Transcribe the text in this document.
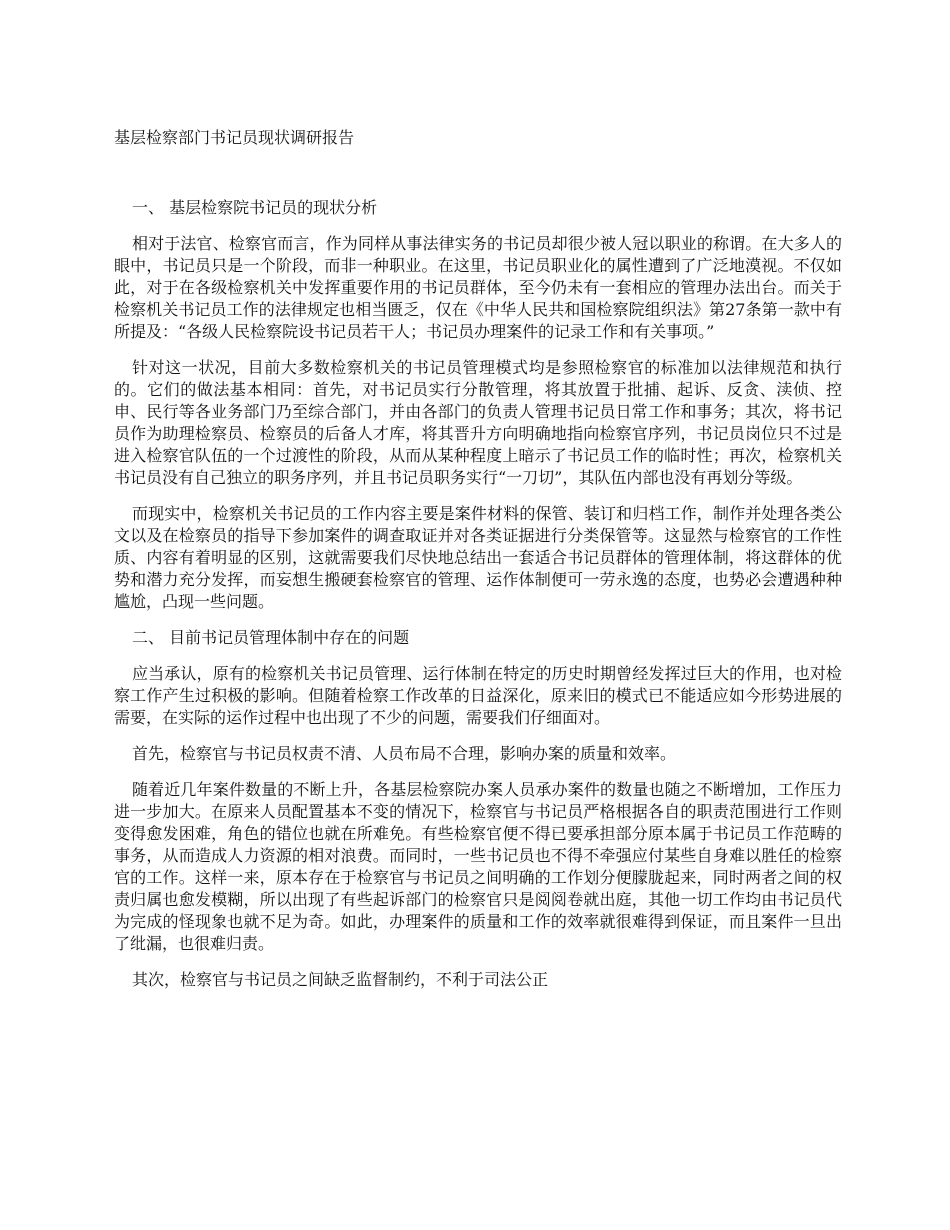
基层检察部门书记员现状调研报告
一、 基层检察院书记员的现状分析

相对于法官、检察官而言，作为同样从事法律实务的书记员却很少被人冠以职业的称谓。在大多人的眼中，书记员只是一个阶段，而非一种职业。在这里，书记员职业化的属性遭到了广泛地漠视。不仅如此，对于在各级检察机关中发挥重要作用的书记员群体，至今仍未有一套相应的管理办法出台。而关于检察机关书记员工作的法律规定也相当匮乏，仅在《中华人民共和国检察院组织法》第27条第一款中有所提及：“各级人民检察院设书记员若干人；书记员办理案件的记录工作和有关事项。”

针对这一状况，目前大多数检察机关的书记员管理模式均是参照检察官的标准加以法律规范和执行的。它们的做法基本相同：首先，对书记员实行分散管理，将其放置于批捕、起诉、反贪、渎侦、控申、民行等各业务部门乃至综合部门，并由各部门的负责人管理书记员日常工作和事务；其次，将书记员作为助理检察员、检察员的后备人才库，将其晋升方向明确地指向检察官序列，书记员岗位只不过是进入检察官队伍的一个过渡性的阶段，从而从某种程度上暗示了书记员工作的临时性；再次，检察机关书记员没有自己独立的职务序列，并且书记员职务实行“一刀切”，其队伍内部也没有再划分等级。

而现实中，检察机关书记员的工作内容主要是案件材料的保管、装订和归档工作，制作并处理各类公文以及在检察员的指导下参加案件的调查取证并对各类证据进行分类保管等。这显然与检察官的工作性质、内容有着明显的区别，这就需要我们尽快地总结出一套适合书记员群体的管理体制，将这群体的优势和潜力充分发挥，而妄想生搬硬套检察官的管理、运作体制便可一劳永逸的态度，也势必会遭遇种种尴尬，凸现一些问题。

二、 目前书记员管理体制中存在的问题

应当承认，原有的检察机关书记员管理、运行体制在特定的历史时期曾经发挥过巨大的作用，也对检察工作产生过积极的影响。但随着检察工作改革的日益深化，原来旧的模式已不能适应如今形势进展的需要，在实际的运作过程中也出现了不少的问题，需要我们仔细面对。

首先，检察官与书记员权责不清、人员布局不合理，影响办案的质量和效率。

随着近几年案件数量的不断上升，各基层检察院办案人员承办案件的数量也随之不断增加，工作压力进一步加大。在原来人员配置基本不变的情况下，检察官与书记员严格根据各自的职责范围进行工作则变得愈发困难，角色的错位也就在所难免。有些检察官便不得已要承担部分原本属于书记员工作范畴的事务，从而造成人力资源的相对浪费。而同时，一些书记员也不得不牵强应付某些自身难以胜任的检察官的工作。这样一来，原本存在于检察官与书记员之间明确的工作划分便朦胧起来，同时两者之间的权责归属也愈发模糊，所以出现了有些起诉部门的检察官只是阅阅卷就出庭，其他一切工作均由书记员代为完成的怪现象也就不足为奇。如此，办理案件的质量和工作的效率就很难得到保证，而且案件一旦出了纰漏，也很难归责。

其次，检察官与书记员之间缺乏监督制约，不利于司法公正
